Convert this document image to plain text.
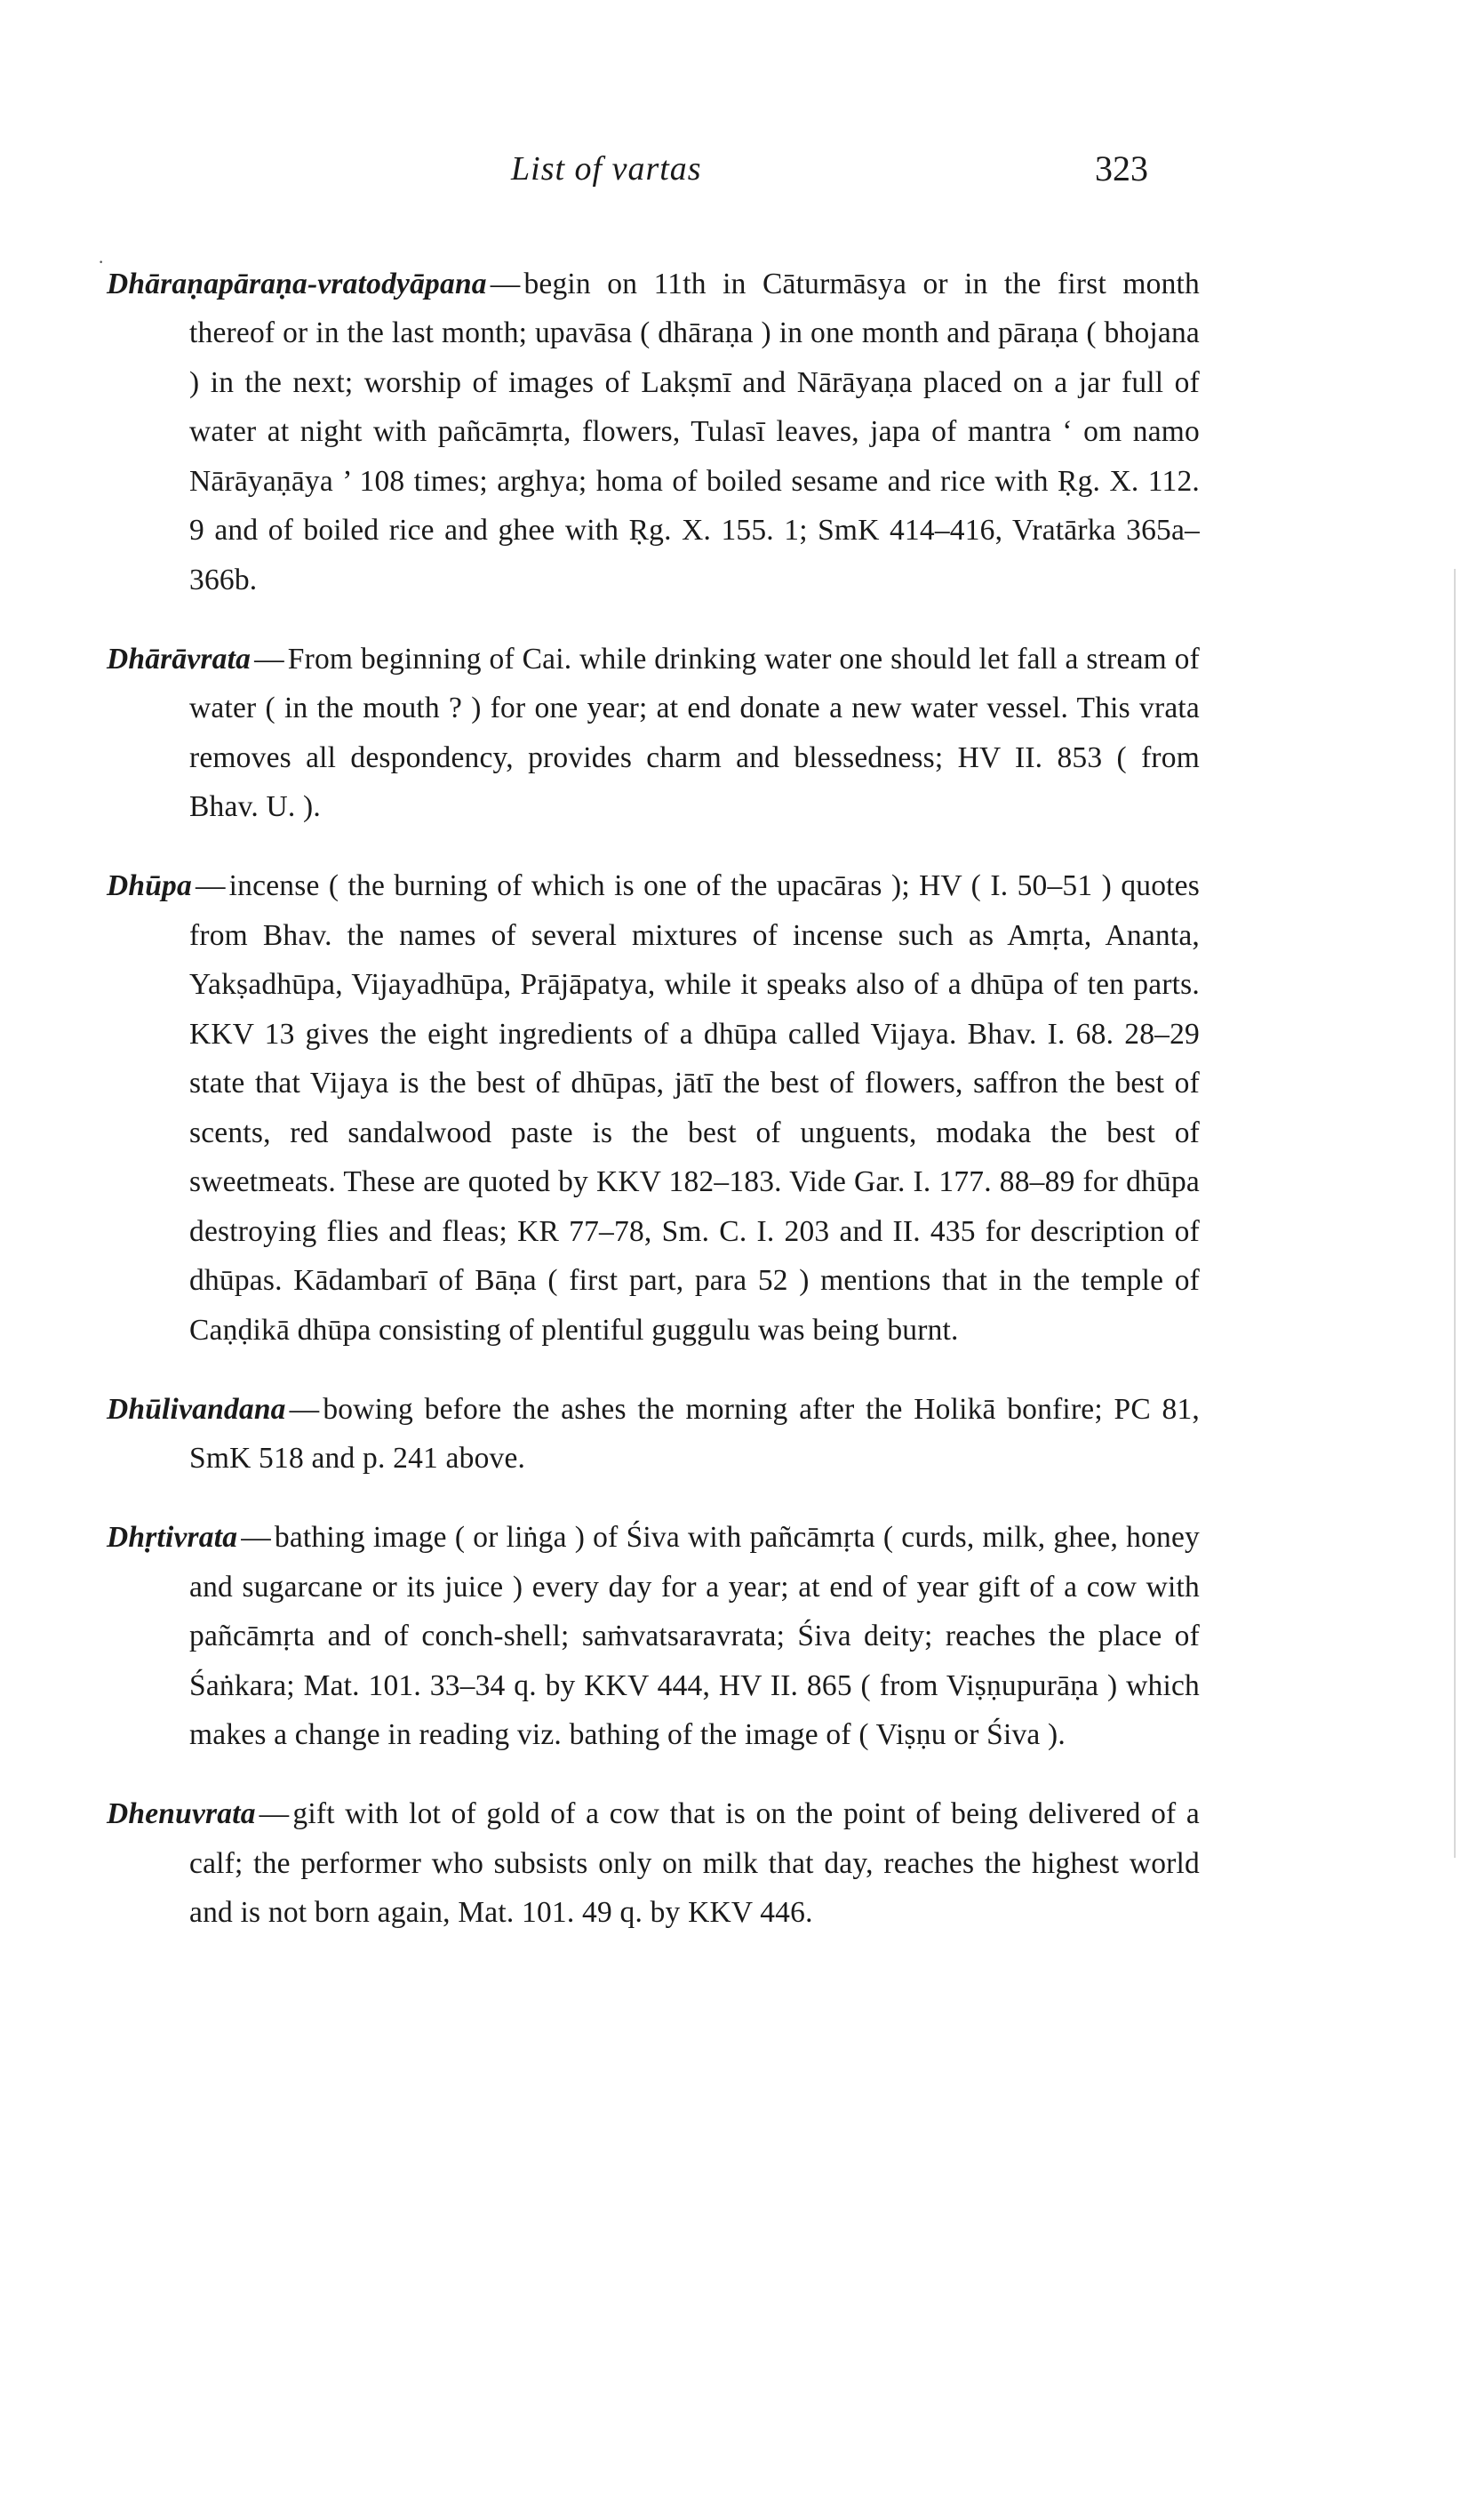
·
List of vartas	323

Dhāraṇapāraṇa-vratodyāpana — begin on 11th in Cāturmāsya or in the first month thereof or in the last month; upavāsa ( dhāraṇa ) in one month and pāraṇa ( bhojana ) in the next; worship of images of Lakṣmī and Nārāyaṇa placed on a jar full of water at night with pañcāmṛta, flowers, Tulasī leaves, japa of mantra ‘ om namo Nārāyaṇāya ’ 108 times; arghya; homa of boiled sesame and rice with Ṛg. X. 112. 9 and of boiled rice and ghee with Ṛg. X. 155. 1; SmK 414–416, Vratārka 365a–366b.

Dhārāvrata — From beginning of Cai. while drinking water one should let fall a stream of water ( in the mouth ? ) for one year; at end donate a new water vessel. This vrata removes all despondency, provides charm and blessedness; HV II. 853 ( from Bhav. U. ).

Dhūpa — incense ( the burning of which is one of the upacāras ); HV ( I. 50–51 ) quotes from Bhav. the names of several mixtures of incense such as Amṛta, Ananta, Yakṣadhūpa, Vijayadhūpa, Prājāpatya, while it speaks also of a dhūpa of ten parts. KKV 13 gives the eight ingredients of a dhūpa called Vijaya. Bhav. I. 68. 28–29 state that Vijaya is the best of dhūpas, jātī the best of flowers, saffron the best of scents, red sandalwood paste is the best of unguents, modaka the best of sweetmeats. These are quoted by KKV 182–183. Vide Gar. I. 177. 88–89 for dhūpa destroying flies and fleas; KR 77–78, Sm. C. I. 203 and II. 435 for description of dhūpas. Kādambarī of Bāṇa ( first part, para 52 ) mentions that in the temple of Caṇḍikā dhūpa consisting of plentiful guggulu was being burnt.

Dhūlivandana — bowing before the ashes the morning after the Holikā bonfire; PC 81, SmK 518 and p. 241 above.

Dhṛtivrata — bathing image ( or liṅga ) of Śiva with pañcāmṛta ( curds, milk, ghee, honey and sugarcane or its juice ) every day for a year; at end of year gift of a cow with pañcāmṛta and of conch-shell; saṁvatsaravrata; Śiva deity; reaches the place of Śaṅkara; Mat. 101. 33–34 q. by KKV 444, HV II. 865 ( from Viṣṇupurāṇa ) which makes a change in reading viz. bathing of the image of ( Viṣṇu or Śiva ).

Dhenuvrata — gift with lot of gold of a cow that is on the point of being delivered of a calf; the performer who subsists only on milk that day, reaches the highest world and is not born again, Mat. 101. 49 q. by KKV 446.
